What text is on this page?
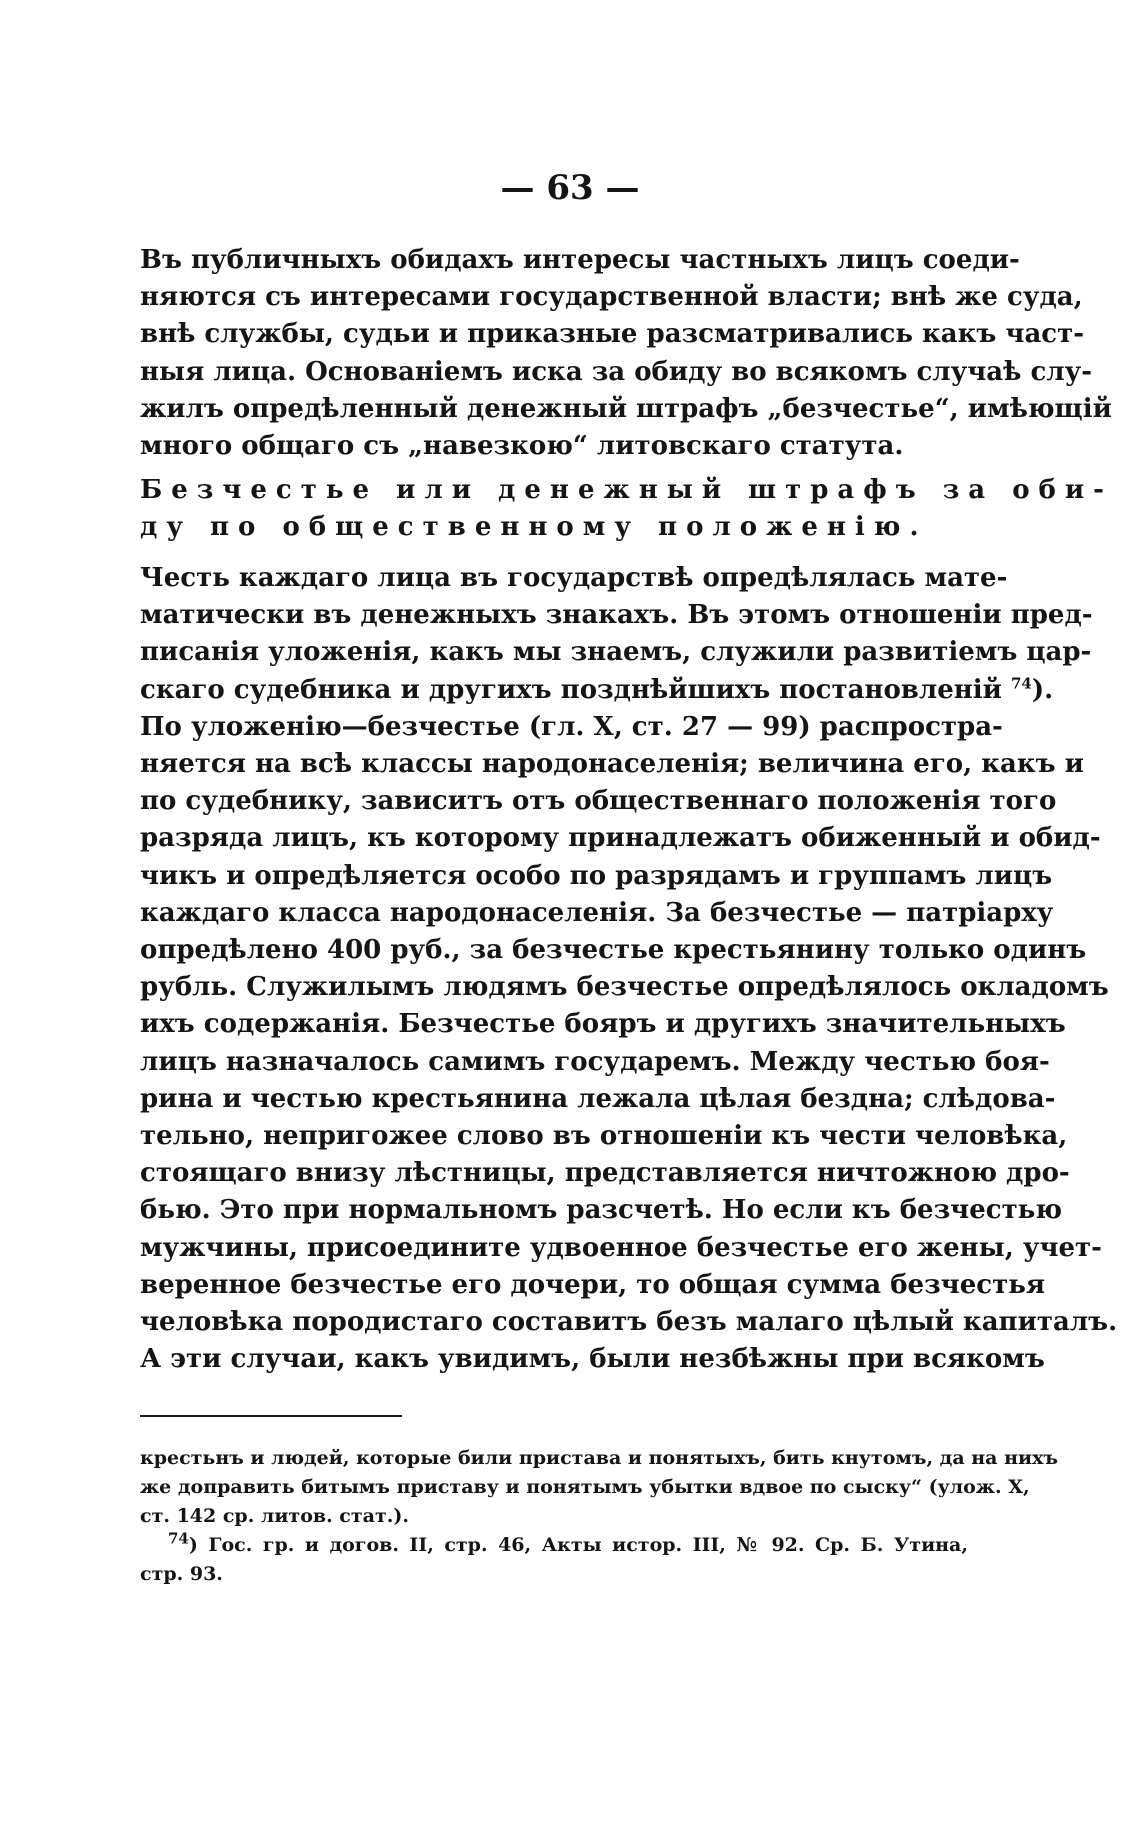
— 63 —
Въ публичныхъ обидахъ интересы частныхъ лицъ соеди-
няются съ интересами государственной власти; внѣ же суда,
внѣ службы, судьи и приказные разсматривались какъ част-
ныя лица. Основаніемъ иска за обиду во всякомъ случаѣ слу-
жилъ опредѣленный денежный штрафъ „безчестье“, имѣющій
много общаго съ „навезкою“ литовскаго статута.
Безчестье или денежный штрафъ за оби-
ду по общественному положенію.
Честь каждаго лица въ государствѣ опредѣлялась мате-
матически въ денежныхъ знакахъ. Въ этомъ отношеніи пред-
писанія уложенія, какъ мы знаемъ, служили развитіемъ цар-
скаго судебника и другихъ позднѣйшихъ постановленій $^{74}$).
По уложенію—безчестье (гл. X, ст. 27 — 99) распростра-
няется на всѣ классы народонаселенія; величина его, какъ и
по судебнику, зависитъ отъ общественнаго положенія того
разряда лицъ, къ которому принадлежатъ обиженный и обид-
чикъ и опредѣляется особо по разрядамъ и группамъ лицъ
каждаго класса народонаселенія. За безчестье — патріарху
опредѣлено 400 руб., за безчестье крестьянину только одинъ
рубль. Служилымъ людямъ безчестье опредѣлялось окладомъ
ихъ содержанія. Безчестье бояръ и другихъ значительныхъ
лицъ назначалось самимъ государемъ. Между честью боя-
рина и честью крестьянина лежала цѣлая бездна; слѣдова-
тельно, непригожее слово въ отношеніи къ чести человѣка,
стоящаго внизу лѣстницы, представляется ничтожною дро-
бью. Это при нормальномъ разсчетѣ. Но если къ безчестью
мужчины, присоедините удвоенное безчестье его жены, учет-
веренное безчестье его дочери, то общая сумма безчестья
человѣка породистаго составитъ безъ малаго цѣлый капиталъ.
А эти случаи, какъ увидимъ, были незбѣжны при всякомъ
крестьнъ и людей, которые били пристава и понятыхъ, бить кнутомъ, да на нихъ
же доправить битымъ приставу и понятымъ убытки вдвое по сыску“ (улож. X,
ст. 142 ср. литов. стат.).
$^{74}$) Гос. гр. и догов. II, стр. 46, Акты истор. III, № 92. Ср. Б. Утина,
стр. 93.
